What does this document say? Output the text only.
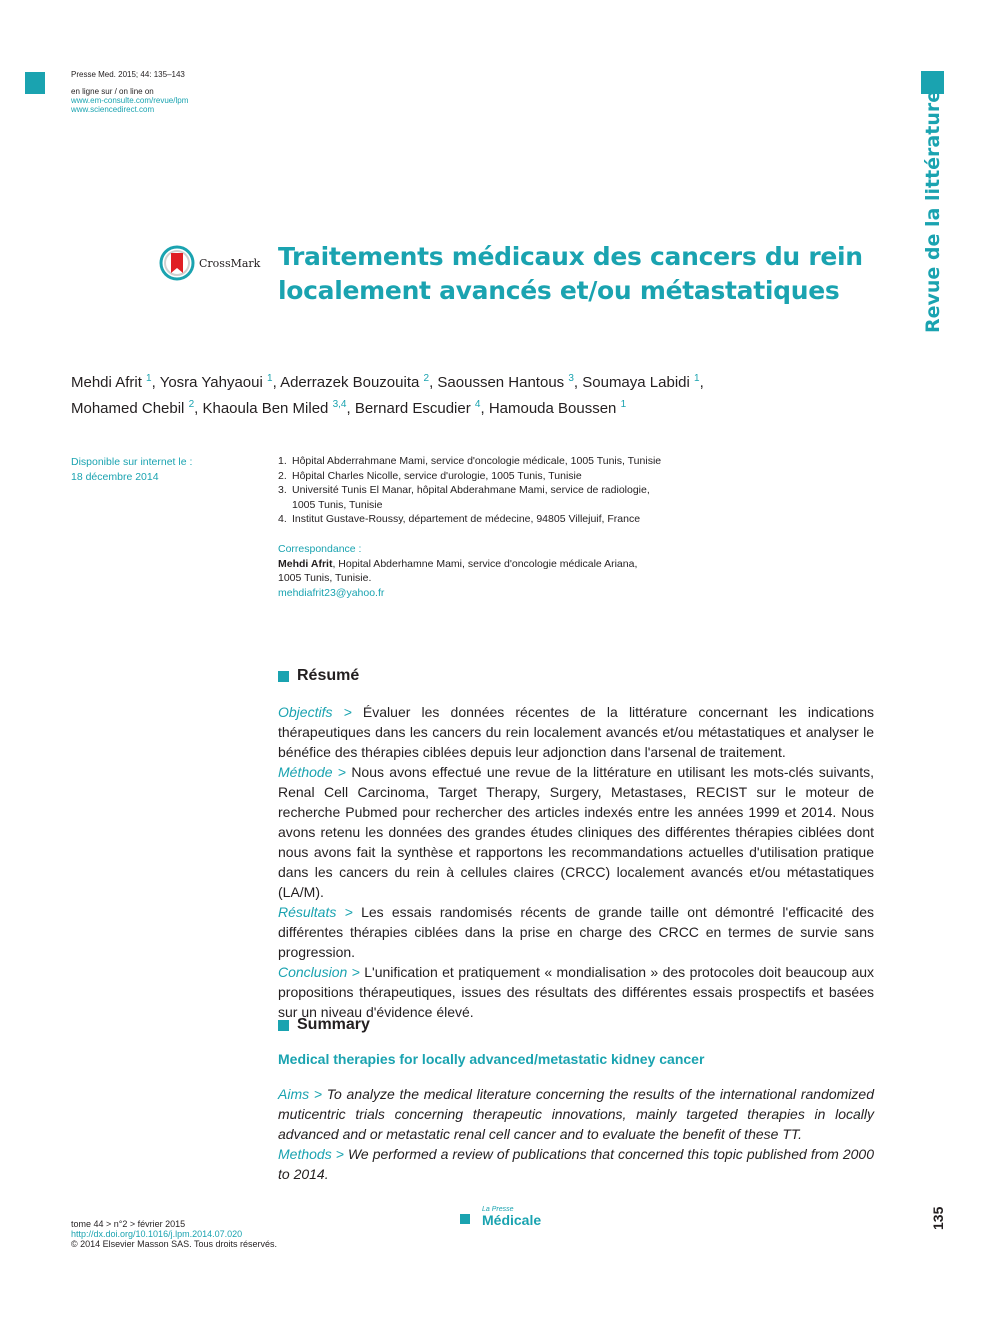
Presse Med. 2015; 44: 135–143
en ligne sur / on line on
www.em-consulte.com/revue/lpm
www.sciencedirect.com	Revue de la littérature
CrossMark Traitements médicaux des cancers du rein
localement avancés et/ou métastatiques
Mehdi Afrit $^1$, Yosra Yahyaoui $^1$, Aderrazek Bouzouita $^2$, Saoussen Hantous $^3$, Soumaya Labidi $^1$,
Mohamed Chebil $^2$, Khaoula Ben Miled $^{3,4}$, Bernard Escudier $^4$, Hamouda Boussen $^1$
Disponible sur internet le :
18 décembre 2014
1. Hôpital Abderrahmane Mami, service d'oncologie médicale, 1005 Tunis, Tunisie
2. Hôpital Charles Nicolle, service d'urologie, 1005 Tunis, Tunisie
3. Université Tunis El Manar, hôpital Abderahmane Mami, service de radiologie,
1005 Tunis, Tunisie
4. Institut Gustave-Roussy, département de médecine, 94805 Villejuif, France
Correspondance :
Mehdi Afrit, Hopital Abderhamne Mami, service d'oncologie médicale Ariana,
1005 Tunis, Tunisie.
mehdiafrit23@yahoo.fr
Résumé
Objectifs > Évaluer les données récentes de la littérature concernant les indications thérapeutiques dans les cancers du rein localement avancés et/ou métastatiques et analyser le bénéfice des thérapies ciblées depuis leur adjonction dans l'arsenal de traitement.
Méthode > Nous avons effectué une revue de la littérature en utilisant les mots-clés suivants, Renal Cell Carcinoma, Target Therapy, Surgery, Metastases, RECIST sur le moteur de recherche Pubmed pour rechercher des articles indexés entre les années 1999 et 2014. Nous avons retenu les données des grandes études cliniques des différentes thérapies ciblées dont nous avons fait la synthèse et rapportons les recommandations actuelles d'utilisation pratique dans les cancers du rein à cellules claires (CRCC) localement avancés et/ou métastatiques (LA/M).
Résultats > Les essais randomisés récents de grande taille ont démontré l'efficacité des différentes thérapies ciblées dans la prise en charge des CRCC en termes de survie sans progression.
Conclusion > L'unification et pratiquement « mondialisation » des protocoles doit beaucoup aux propositions thérapeutiques, issues des résultats des différentes essais prospectifs et basées sur un niveau d'évidence élevé.
Summary
Medical therapies for locally advanced/metastatic kidney cancer
Aims > To analyze the medical literature concerning the results of the international randomized muticentric trials concerning therapeutic innovations, mainly targeted therapies in locally advanced and or metastatic renal cell cancer and to evaluate the benefit of these TT.
Methods > We performed a review of publications that concerned this topic published from 2000 to 2014.
tome 44 > n°2 > février 2015
http://dx.doi.org/10.1016/j.lpm.2014.07.020
© 2014 Elsevier Masson SAS. Tous droits réservés.
La Presse
Médicale	135
